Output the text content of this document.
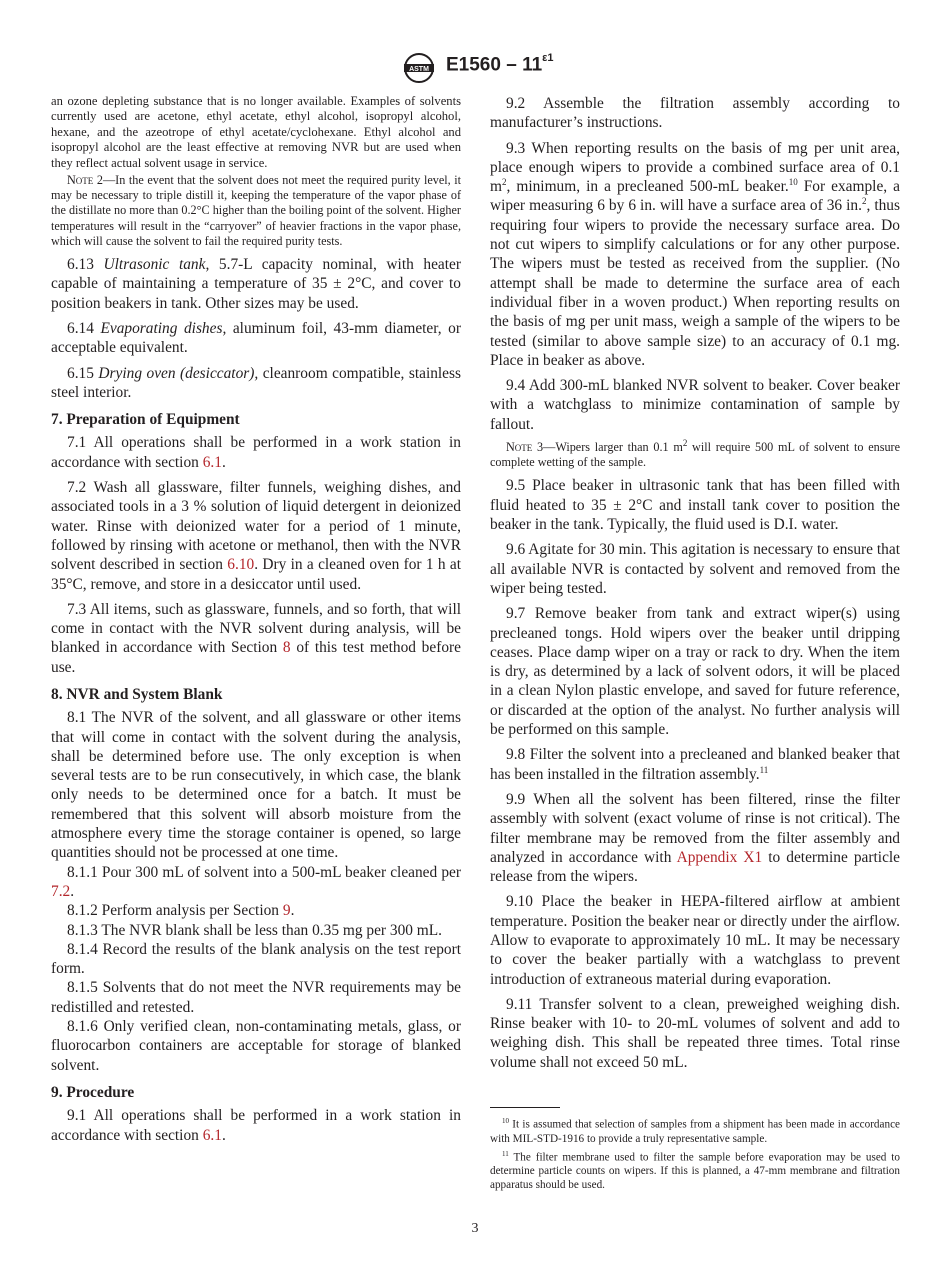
ASTM $E1560 - 11^{\varepsilon 1}$

an ozone depleting substance that is no longer available. Examples of solvents currently used are acetone, ethyl acetate, ethyl alcohol, isopropyl alcohol, hexane, and the azeotrope of ethyl acetate/cyclohexane. Ethyl alcohol and isopropyl alcohol are the least effective at removing NVR but are used when they reflect actual solvent usage in service.

Note 2—In the event that the solvent does not meet the required purity level, it may be necessary to triple distill it, keeping the temperature of the vapor phase of the distillate no more than 0.2°C higher than the boiling point of the solvent. Higher temperatures will result in the “carryover” of heavier fractions in the vapor phase, which will cause the solvent to fail the required purity tests.

6.13 Ultrasonic tank, 5.7-L capacity nominal, with heater capable of maintaining a temperature of 35 ± 2°C, and cover to position beakers in tank. Other sizes may be used.

6.14 Evaporating dishes, aluminum foil, 43-mm diameter, or acceptable equivalent.

6.15 Drying oven (desiccator), cleanroom compatible, stainless steel interior.

7. Preparation of Equipment

7.1 All operations shall be performed in a work station in accordance with section 6.1.

7.2 Wash all glassware, filter funnels, weighing dishes, and associated tools in a 3 % solution of liquid detergent in deionized water. Rinse with deionized water for a period of 1 minute, followed by rinsing with acetone or methanol, then with the NVR solvent described in section 6.10. Dry in a cleaned oven for 1 h at 35°C, remove, and store in a desiccator until used.

7.3 All items, such as glassware, funnels, and so forth, that will come in contact with the NVR solvent during analysis, will be blanked in accordance with Section 8 of this test method before use.

8. NVR and System Blank

8.1 The NVR of the solvent, and all glassware or other items that will come in contact with the solvent during the analysis, shall be determined before use. The only exception is when several tests are to be run consecutively, in which case, the blank only needs to be determined once for a batch. It must be remembered that this solvent will absorb moisture from the atmosphere every time the storage container is opened, so large quantities should not be processed at one time.

8.1.1 Pour 300 mL of solvent into a 500-mL beaker cleaned per 7.2.

8.1.2 Perform analysis per Section 9.

8.1.3 The NVR blank shall be less than 0.35 mg per 300 mL.

8.1.4 Record the results of the blank analysis on the test report form.

8.1.5 Solvents that do not meet the NVR requirements may be redistilled and retested.

8.1.6 Only verified clean, non-contaminating metals, glass, or fluorocarbon containers are acceptable for storage of blanked solvent.

9. Procedure

9.1 All operations shall be performed in a work station in accordance with section 6.1.

9.2 Assemble the filtration assembly according to manufacturer’s instructions.

9.3 When reporting results on the basis of mg per unit area, place enough wipers to provide a combined surface area of 0.1 $m^2$, minimum, in a precleaned 500-mL beaker.$^{10}$ For example, a wiper measuring 6 by 6 in. will have a surface area of 36 in.$^2$, thus requiring four wipers to provide the necessary surface area. Do not cut wipers to simplify calculations or for any other purpose. The wipers must be tested as received from the supplier. (No attempt shall be made to determine the surface area of each individual fiber in a woven product.) When reporting results on the basis of mg per unit mass, weigh a sample of the wipers to be tested (similar to above sample size) to an accuracy of 0.1 mg. Place in beaker as above.

9.4 Add 300-mL blanked NVR solvent to beaker. Cover beaker with a watchglass to minimize contamination of sample by fallout.

Note 3—Wipers larger than 0.1 $m^2$ will require 500 mL of solvent to ensure complete wetting of the sample.

9.5 Place beaker in ultrasonic tank that has been filled with fluid heated to 35 ± 2°C and install tank cover to position the beaker in the tank. Typically, the fluid used is D.I. water.

9.6 Agitate for 30 min. This agitation is necessary to ensure that all available NVR is contacted by solvent and removed from the wiper being tested.

9.7 Remove beaker from tank and extract wiper(s) using precleaned tongs. Hold wipers over the beaker until dripping ceases. Place damp wiper on a tray or rack to dry. When the item is dry, as determined by a lack of solvent odors, it will be placed in a clean Nylon plastic envelope, and saved for future reference, or discarded at the option of the analyst. No further analysis will be performed on this sample.

9.8 Filter the solvent into a precleaned and blanked beaker that has been installed in the filtration assembly.$^{11}$

9.9 When all the solvent has been filtered, rinse the filter assembly with solvent (exact volume of rinse is not critical). The filter membrane may be removed from the filter assembly and analyzed in accordance with Appendix X1 to determine particle release from the wipers.

9.10 Place the beaker in HEPA-filtered airflow at ambient temperature. Position the beaker near or directly under the airflow. Allow to evaporate to approximately 10 mL. It may be necessary to cover the beaker partially with a watchglass to prevent introduction of extraneous material during evaporation.

9.11 Transfer solvent to a clean, preweighed weighing dish. Rinse beaker with 10- to 20-mL volumes of solvent and add to weighing dish. This shall be repeated three times. Total rinse volume shall not exceed 50 mL.

$^{10}$ It is assumed that selection of samples from a shipment has been made in accordance with MIL-STD-1916 to provide a truly representative sample.
$^{11}$ The filter membrane used to filter the sample before evaporation may be used to determine particle counts on wipers. If this is planned, a 47-mm membrane and filtration apparatus should be used.
3
